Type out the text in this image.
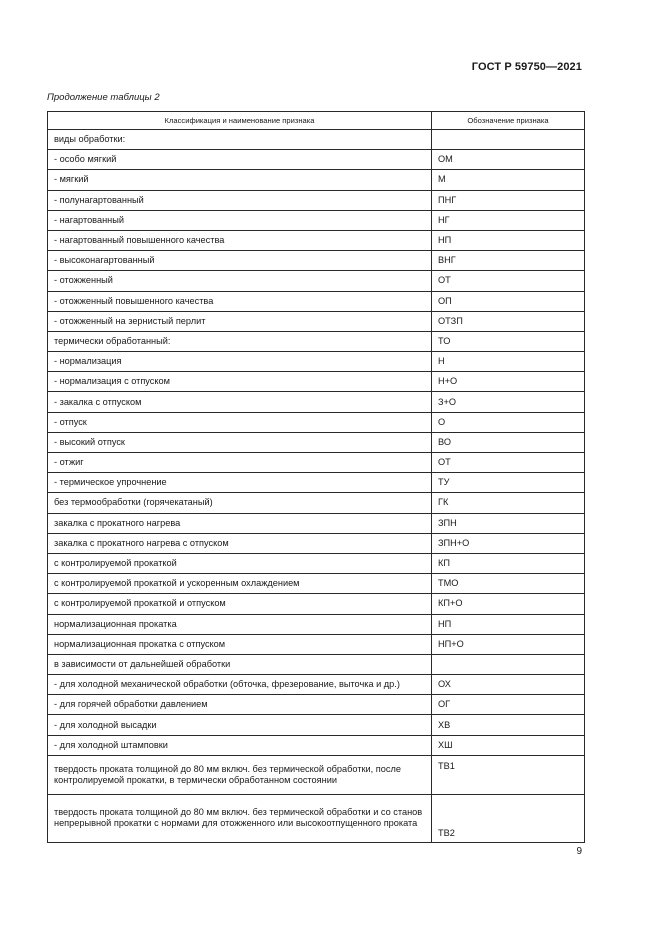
ГОСТ Р 59750—2021
Продолжение таблицы 2
Классификация и наименование признака	Обозначение признака
виды обработки:	
- особо мягкий	ОМ
- мягкий	М
- полунагартованный	ПНГ
- нагартованный	НГ
- нагартованный повышенного качества	НП
- высоконагартованный	ВНГ
- отожженный	ОТ
- отожженный повышенного качества	ОП
- отожженный на зернистый перлит	ОТЗП
термически обработанный:	ТО
- нормализация	Н
- нормализация с отпуском	Н+О
- закалка с отпуском	З+О
- отпуск	О
- высокий отпуск	ВО
- отжиг	ОТ
- термическое упрочнение	ТУ
без термообработки (горячекатаный)	ГК
закалка с прокатного нагрева	ЗПН
закалка с прокатного нагрева с отпуском	ЗПН+О
с контролируемой прокаткой	КП
с контролируемой прокаткой и ускоренным охлаждением	ТМО
с контролируемой прокаткой и отпуском	КП+О
нормализационная прокатка	НП
нормализационная прокатка с отпуском	НП+О
в зависимости от дальнейшей обработки	
- для холодной механической обработки (обточка, фрезерование, выточка и др.)	ОХ
- для горячей обработки давлением	ОГ
- для холодной высадки	ХВ
- для холодной штамповки	ХШ
твердость проката толщиной до 80 мм включ. без термической обработки, после контролируемой прокатки, в термически обработанном состоянии	ТВ1
твердость проката толщиной до 80 мм включ. без термической обработки и со станов непрерывной прокатки с нормами для отожженного или высокоотпущенного проката	ТВ2
9
